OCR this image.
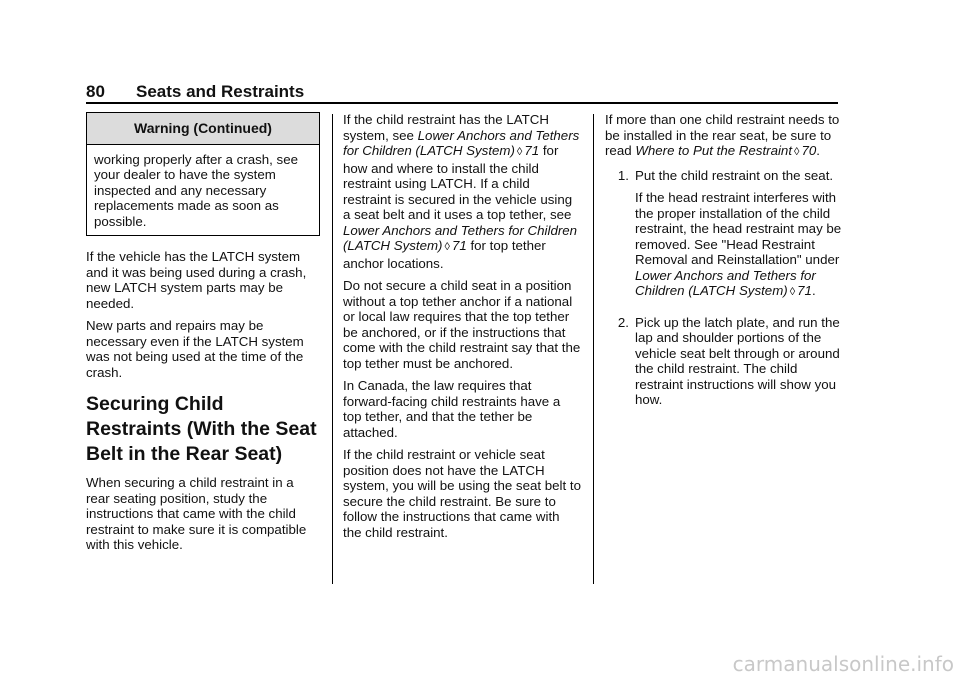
80 Seats and Restraints
Warning (Continued)
working properly after a crash, see your dealer to have the system inspected and any necessary replacements made as soon as possible.

If the vehicle has the LATCH system and it was being used during a crash, new LATCH system parts may be needed.

New parts and repairs may be necessary even if the LATCH system was not being used at the time of the crash.

Securing Child Restraints (With the Seat Belt in the Rear Seat)

When securing a child restraint in a rear seating position, study the instructions that came with the child restraint to make sure it is compatible with this vehicle.

If the child restraint has the LATCH system, see Lower Anchors and Tethers for Children (LATCH System) ◊ 71 for how and where to install the child restraint using LATCH. If a child restraint is secured in the vehicle using a seat belt and it uses a top tether, see Lower Anchors and Tethers for Children (LATCH System) ◊ 71 for top tether anchor locations.

Do not secure a child seat in a position without a top tether anchor if a national or local law requires that the top tether be anchored, or if the instructions that come with the child restraint say that the top tether must be anchored.

In Canada, the law requires that forward-facing child restraints have a top tether, and that the tether be attached.

If the child restraint or vehicle seat position does not have the LATCH system, you will be using the seat belt to secure the child restraint. Be sure to follow the instructions that came with the child restraint.

If more than one child restraint needs to be installed in the rear seat, be sure to read Where to Put the Restraint ◊ 70.

1. Put the child restraint on the seat.

If the head restraint interferes with the proper installation of the child restraint, the head restraint may be removed. See "Head Restraint Removal and Reinstallation" under Lower Anchors and Tethers for Children (LATCH System) ◊ 71.

2. Pick up the latch plate, and run the lap and shoulder portions of the vehicle seat belt through or around the child restraint. The child restraint instructions will show you how.

carmanualsonline.info
